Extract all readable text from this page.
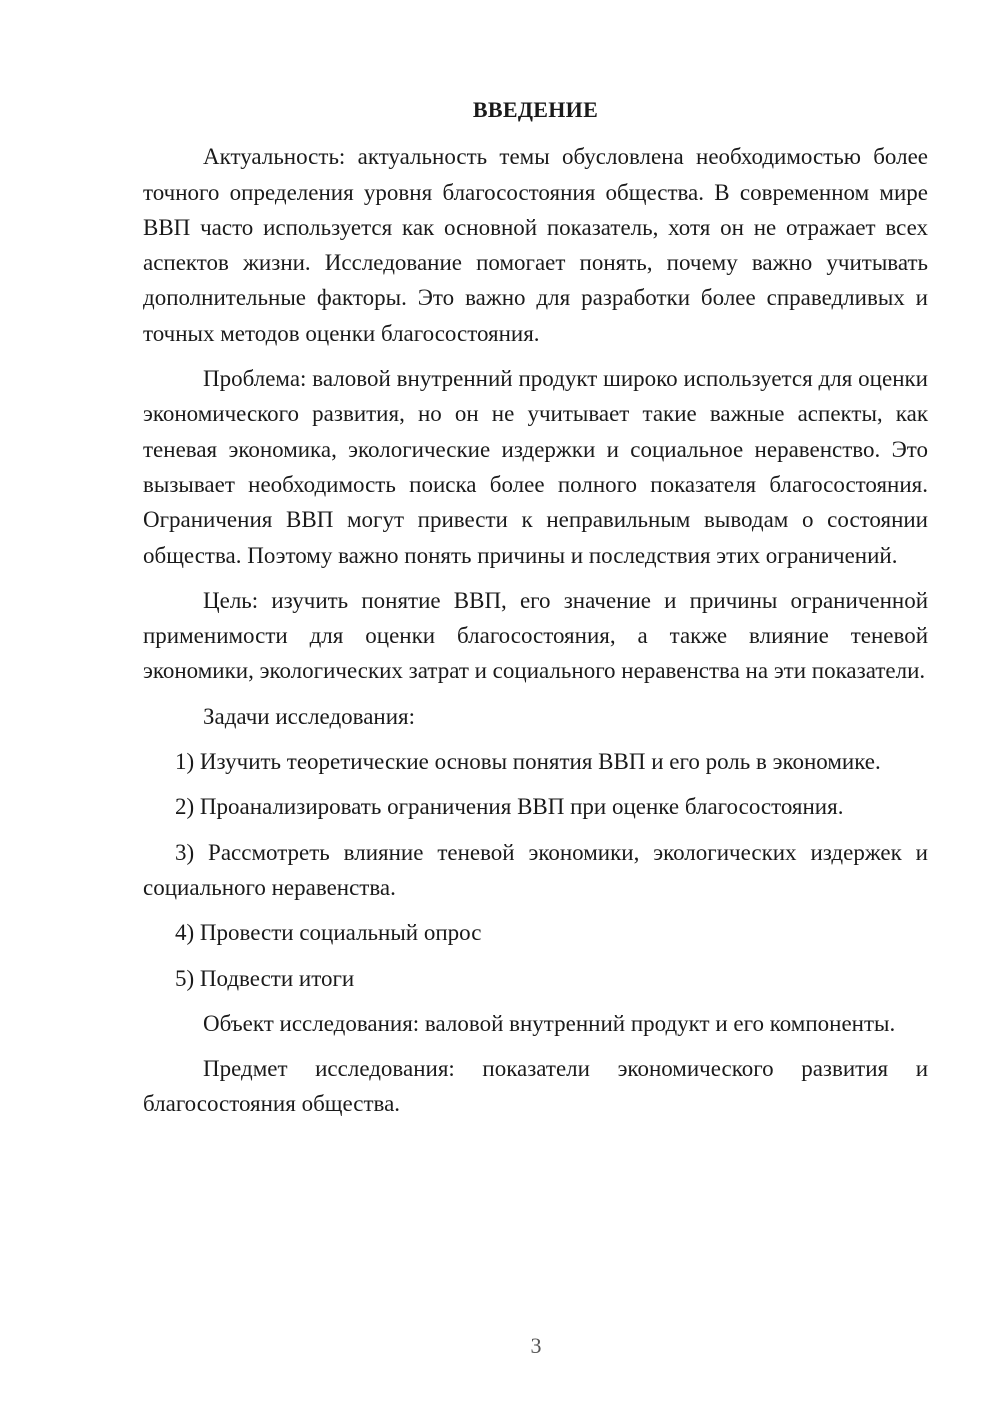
ВВЕДЕНИЕ

Актуальность: актуальность темы обусловлена необходимостью более точного определения уровня благосостояния общества. В современном мире ВВП часто используется как основной показатель, хотя он не отражает всех аспектов жизни. Исследование помогает понять, почему важно учитывать дополнительные факторы. Это важно для разработки более справедливых и точных методов оценки благосостояния.

Проблема: валовой внутренний продукт широко используется для оценки экономического развития, но он не учитывает такие важные аспекты, как теневая экономика, экологические издержки и социальное неравенство. Это вызывает необходимость поиска более полного показателя благосостояния. Ограничения ВВП могут привести к неправильным выводам о состоянии общества. Поэтому важно понять причины и последствия этих ограничений.

Цель: изучить понятие ВВП, его значение и причины ограниченной применимости для оценки благосостояния, а также влияние теневой экономики, экологических затрат и социального неравенства на эти показатели.

Задачи исследования:

1) Изучить теоретические основы понятия ВВП и его роль в экономике.

2) Проанализировать ограничения ВВП при оценке благосостояния.

3) Рассмотреть влияние теневой экономики, экологических издержек и социального неравенства.

4) Провести социальный опрос

5) Подвести итоги

Объект исследования: валовой внутренний продукт и его компоненты.

Предмет исследования: показатели экономического развития и благосостояния общества.

3
